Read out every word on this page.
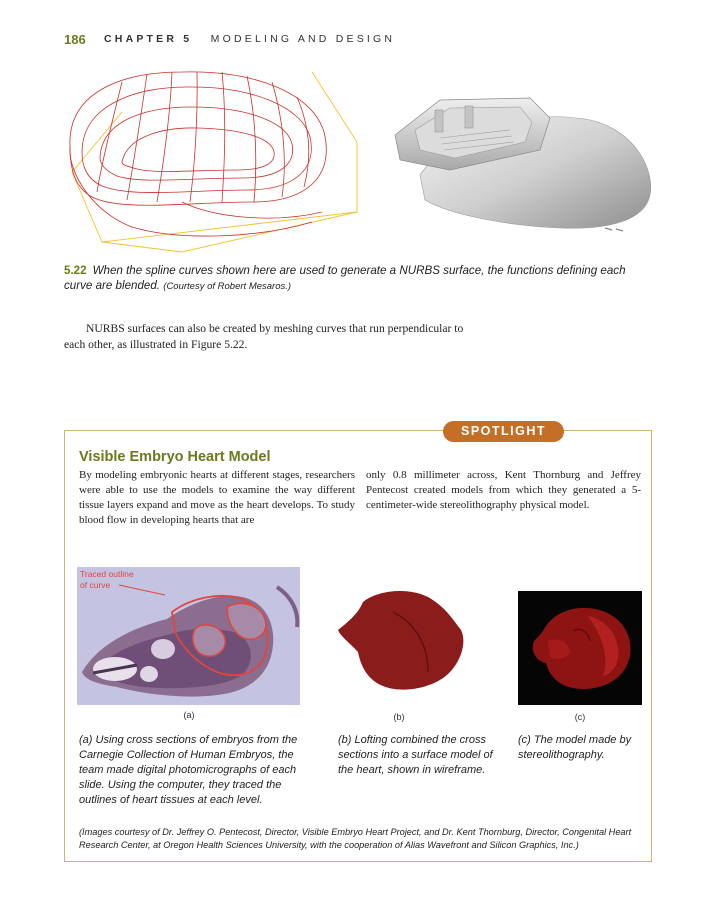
186 CHAPTER 5 MODELING AND DESIGN
5.22 When the spline curves shown here are used to generate a NURBS surface, the functions defining each curve are blended. (Courtesy of Robert Mesaros.)
NURBS surfaces can also be created by meshing curves that run perpendicular to each other, as illustrated in Figure 5.22.
SPOTLIGHT
Visible Embryo Heart Model
By modeling embryonic hearts at different stages, researchers were able to use the models to examine the way different tissue layers expand and move as the heart develops. To study blood flow in developing hearts that are
only 0.8 millimeter across, Kent Thornburg and Jeffrey Pentecost created models from which they generated a 5-centimeter-wide stereolithography physical model.
Traced outline
of curve
(a)	(b)	(c)
(a) Using cross sections of embryos from the Carnegie Collection of Human Embryos, the team made digital photomicrographs of each slide. Using the computer, they traced the outlines of heart tissues at each level.
(b) Lofting combined the cross sections into a surface model of the heart, shown in wireframe.
(c) The model made by stereolithography.
(Images courtesy of Dr. Jeffrey O. Pentecost, Director, Visible Embryo Heart Project, and Dr. Kent Thornburg, Director, Congenital Heart Research Center, at Oregon Health Sciences University, with the cooperation of Alias Wavefront and Silicon Graphics, Inc.)
